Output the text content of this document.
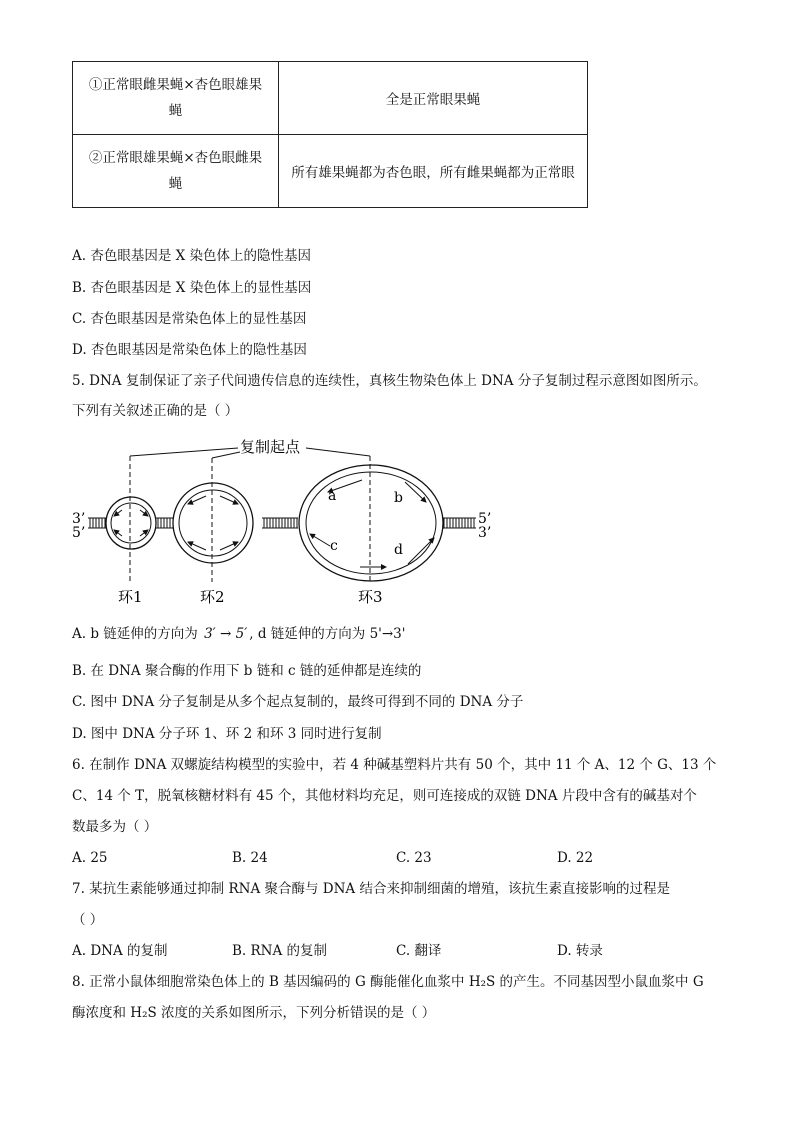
①正常眼雌果蝇×杏色眼雄果
蝇	全是正常眼果蝇
②正常眼雄果蝇×杏色眼雌果
蝇	所有雄果蝇都为杏色眼，所有雌果蝇都为正常眼
A. 杏色眼基因是 X 染色体上的隐性基因
B. 杏色眼基因是 X 染色体上的显性基因
C. 杏色眼基因是常染色体上的显性基因
D. 杏色眼基因是常染色体上的隐性基因
5. DNA 复制保证了亲子代间遗传信息的连续性，真核生物染色体上 DNA 分子复制过程示意图如图所示。
下列有关叙述正确的是（ ）
复制起点
3’
5’
5’
3’
a	b
c	d
环1	环2	环3
A. b 链延伸的方向为 3′ → 5′ , d 链延伸的方向为 5'→3'
B. 在 DNA 聚合酶的作用下 b 链和 c 链的延伸都是连续的
C. 图中 DNA 分子复制是从多个起点复制的，最终可得到不同的 DNA 分子
D. 图中 DNA 分子环 1、环 2 和环 3 同时进行复制
6. 在制作 DNA 双螺旋结构模型的实验中，若 4 种碱基塑料片共有 50 个，其中 11 个 A、12 个 G、13 个
C、14 个 T，脱氧核糖材料有 45 个，其他材料均充足，则可连接成的双链 DNA 片段中含有的碱基对个
数最多为（ ）
A. 25	B. 24	C. 23	D. 22
7. 某抗生素能够通过抑制 RNA 聚合酶与 DNA 结合来抑制细菌的增殖，该抗生素直接影响的过程是
（ ）
A. DNA 的复制	B. RNA 的复制	C. 翻译	D. 转录
8. 正常小鼠体细胞常染色体上的 B 基因编码的 G 酶能催化血浆中 H₂S 的产生。不同基因型小鼠血浆中 G
酶浓度和 H₂S 浓度的关系如图所示，下列分析错误的是（ ）
